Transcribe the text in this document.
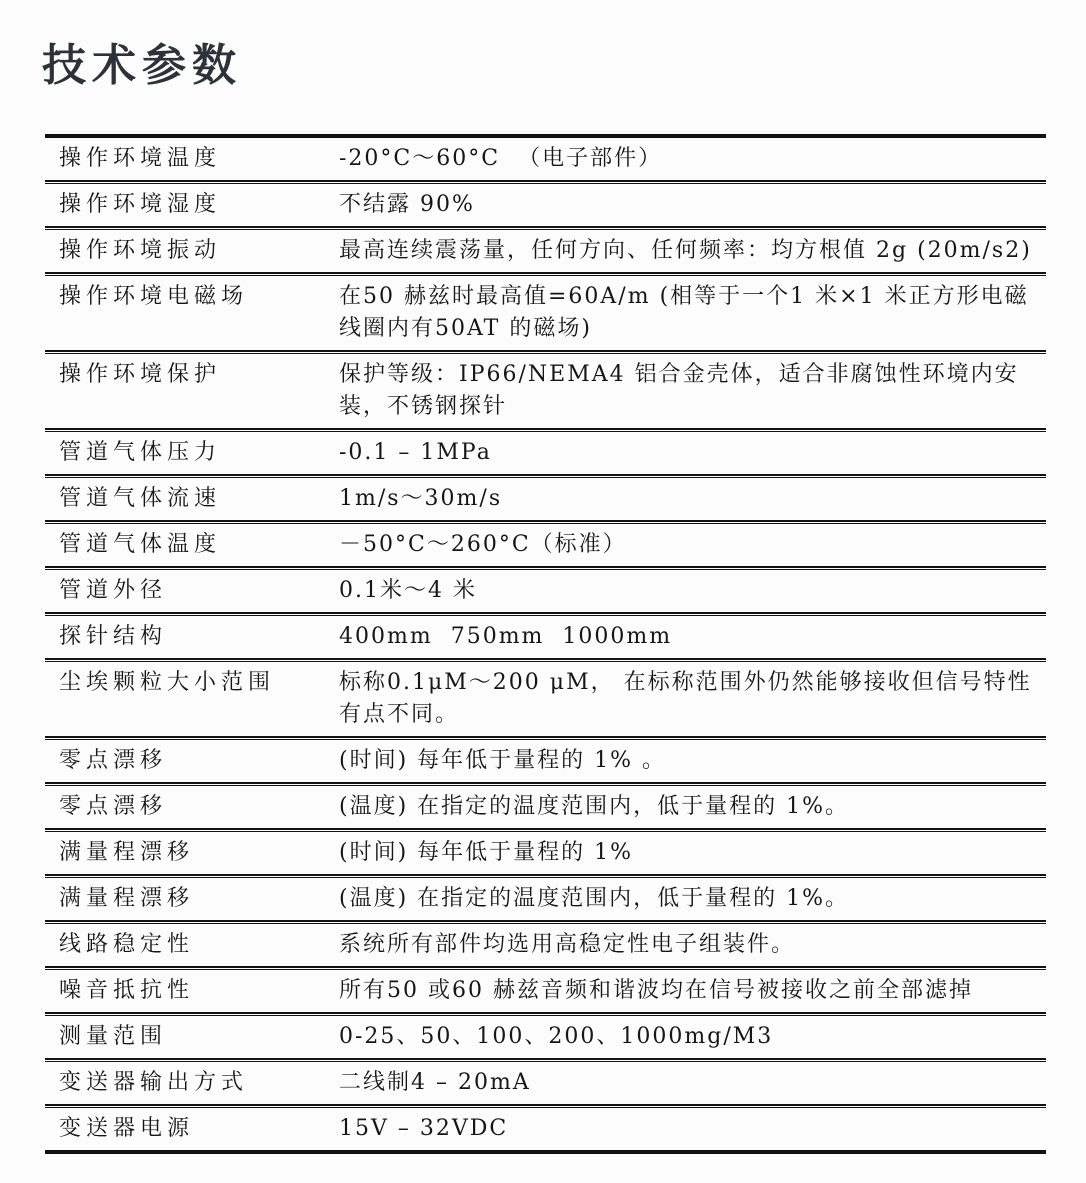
技术参数
操作环境温度	-20°C～60°C  （电子部件）
操作环境湿度	不结露 90%
操作环境振动	最高连续震荡量，任何方向、任何频率：均方根值 2g (20m/s2)
操作环境电磁场	在50 赫兹时最高值=60A/m (相等于一个1 米×1 米正方形电磁线圈内有50AT 的磁场)
操作环境保护	保护等级：IP66/NEMA4 铝合金壳体，适合非腐蚀性环境内安装，不锈钢探针
管道气体压力	-0.1 – 1MPa
管道气体流速	1m/s～30m/s
管道气体温度	－50°C～260°C（标准）
管道外径	0.1米～4 米
探针结构	400mm  750mm  1000mm
尘埃颗粒大小范围	标称0.1μM～200 μM， 在标称范围外仍然能够接收但信号特性有点不同。
零点漂移	(时间) 每年低于量程的 1% 。
零点漂移	(温度) 在指定的温度范围内，低于量程的 1%。
满量程漂移	(时间) 每年低于量程的 1%
满量程漂移	(温度) 在指定的温度范围内，低于量程的 1%。
线路稳定性	系统所有部件均选用高稳定性电子组装件。
噪音抵抗性	所有50 或60 赫兹音频和谐波均在信号被接收之前全部滤掉
测量范围	0-25、50、100、200、1000mg/M3
变送器输出方式	二线制4 – 20mA
变送器电源	15V – 32VDC
